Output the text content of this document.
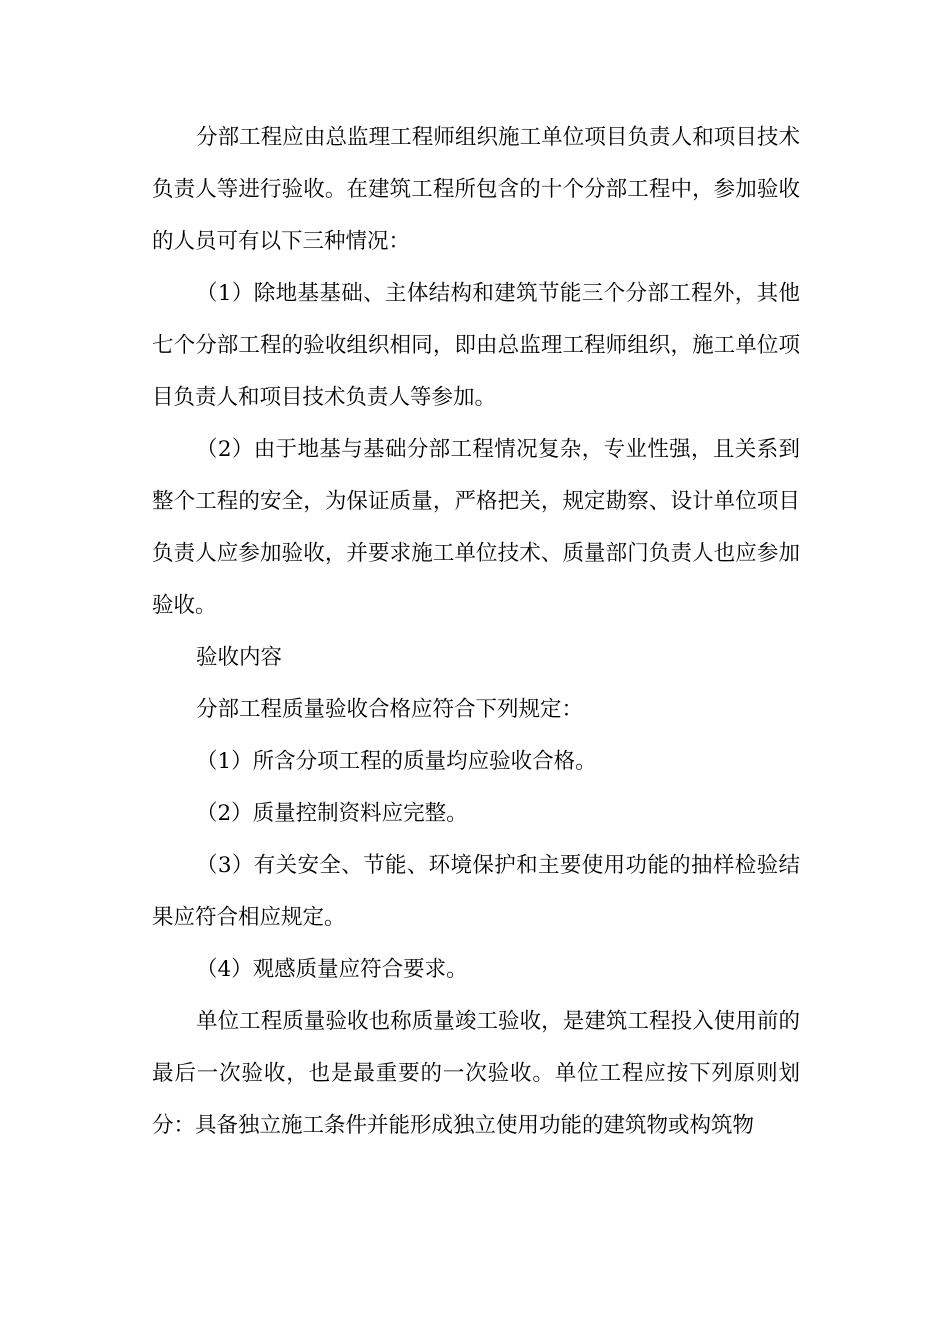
分部工程应由总监理工程师组织施工单位项目负责人和项目技术负责人等进行验收。在建筑工程所包含的十个分部工程中，参加验收的人员可有以下三种情况：

（1）除地基基础、主体结构和建筑节能三个分部工程外，其他七个分部工程的验收组织相同，即由总监理工程师组织，施工单位项目负责人和项目技术负责人等参加。

（2）由于地基与基础分部工程情况复杂，专业性强，且关系到整个工程的安全，为保证质量，严格把关，规定勘察、设计单位项目负责人应参加验收，并要求施工单位技术、质量部门负责人也应参加验收。

验收内容

分部工程质量验收合格应符合下列规定：

（1）所含分项工程的质量均应验收合格。

（2）质量控制资料应完整。

（3）有关安全、节能、环境保护和主要使用功能的抽样检验结果应符合相应规定。

（4）观感质量应符合要求。

单位工程质量验收也称质量竣工验收，是建筑工程投入使用前的最后一次验收，也是最重要的一次验收。单位工程应按下列原则划分：具备独立施工条件并能形成独立使用功能的建筑物或构筑物
